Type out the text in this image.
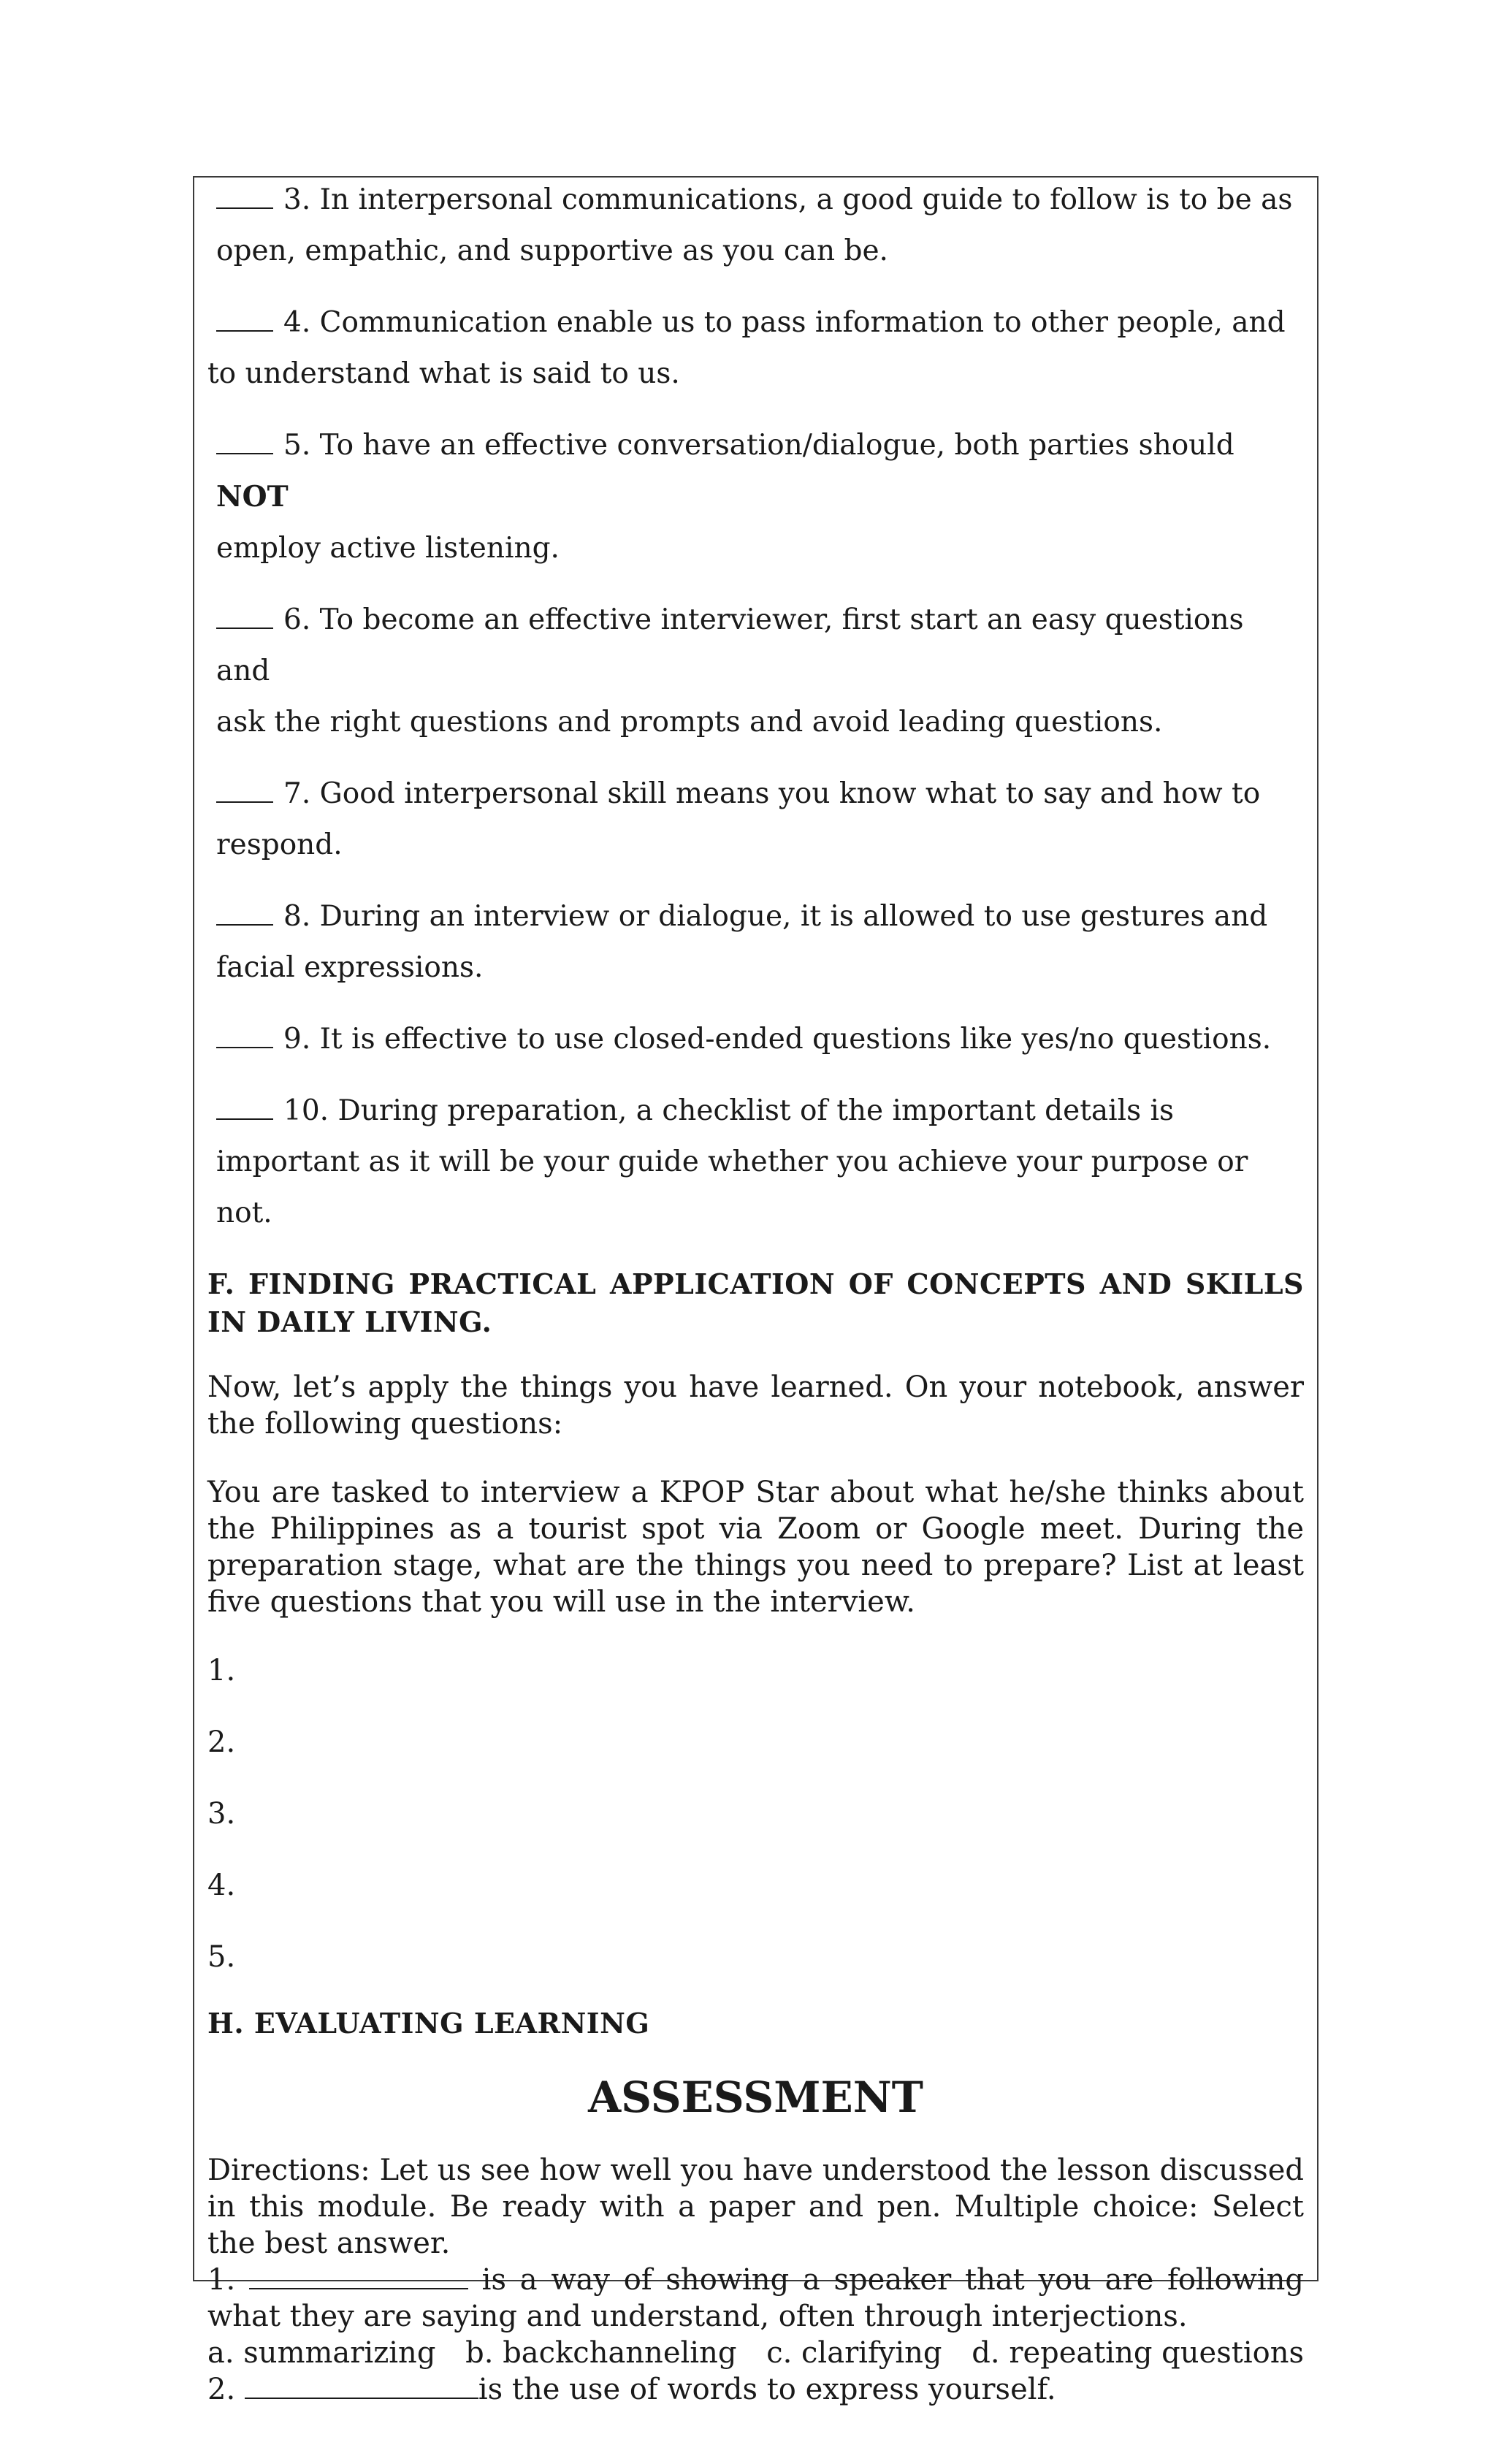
3. In interpersonal communications, a good guide to follow is to be as
open, empathic, and supportive as you can be.
4. Communication enable us to pass information to other people, and
to understand what is said to us.
5. To have an effective conversation/dialogue, both parties should NOT
employ active listening.
6. To become an effective interviewer, first start an easy questions and
ask the right questions and prompts and avoid leading questions.
7. Good interpersonal skill means you know what to say and how to
respond.
8. During an interview or dialogue, it is allowed to use gestures and
facial expressions.
9. It is effective to use closed-ended questions like yes/no questions.
10. During preparation, a checklist of the important details is
important as it will be your guide whether you achieve your purpose or not.
F. FINDING PRACTICAL APPLICATION OF CONCEPTS AND SKILLS IN DAILY LIVING.
Now, let’s apply the things you have learned. On your notebook, answer the following questions:
You are tasked to interview a KPOP Star about what he/she thinks about the Philippines as a tourist spot via Zoom or Google meet. During the preparation stage, what are the things you need to prepare? List at least five questions that you will use in the interview.
1.
2.
3.
4.
5.
H. EVALUATING LEARNING
ASSESSMENT
Directions: Let us see how well you have understood the lesson discussed in this module. Be ready with a paper and pen. Multiple choice: Select the best answer.
1.	is a way of showing a speaker that you are following what they are saying and understand, often through interjections.
a. summarizing b. backchanneling c. clarifying d. repeating questions
2.	is the use of words to express yourself.
